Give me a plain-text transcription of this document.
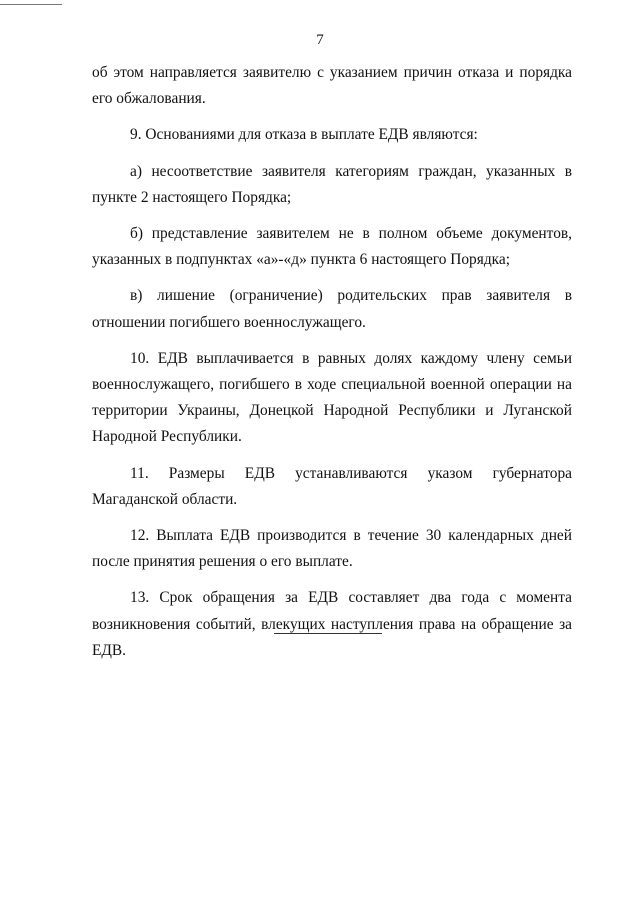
7

об этом направляется заявителю с указанием причин отказа и порядка его обжалования.

9. Основаниями для отказа в выплате ЕДВ являются:

а) несоответствие заявителя категориям граждан, указанных в пункте 2 настоящего Порядка;

б) представление заявителем не в полном объеме документов, указанных в подпунктах «а»-«д» пункта 6 настоящего Порядка;

в) лишение (ограничение) родительских прав заявителя в отношении погибшего военнослужащего.

10. ЕДВ выплачивается в равных долях каждому члену семьи военнослужащего, погибшего в ходе специальной военной операции на территории Украины, Донецкой Народной Республики и Луганской Народной Республики.

11. Размеры ЕДВ устанавливаются указом губернатора Магаданской области.

12. Выплата ЕДВ производится в течение 30 календарных дней после принятия решения о его выплате.

13. Срок обращения за ЕДВ составляет два года с момента возникновения событий, влекущих наступления права на обращение за ЕДВ.
